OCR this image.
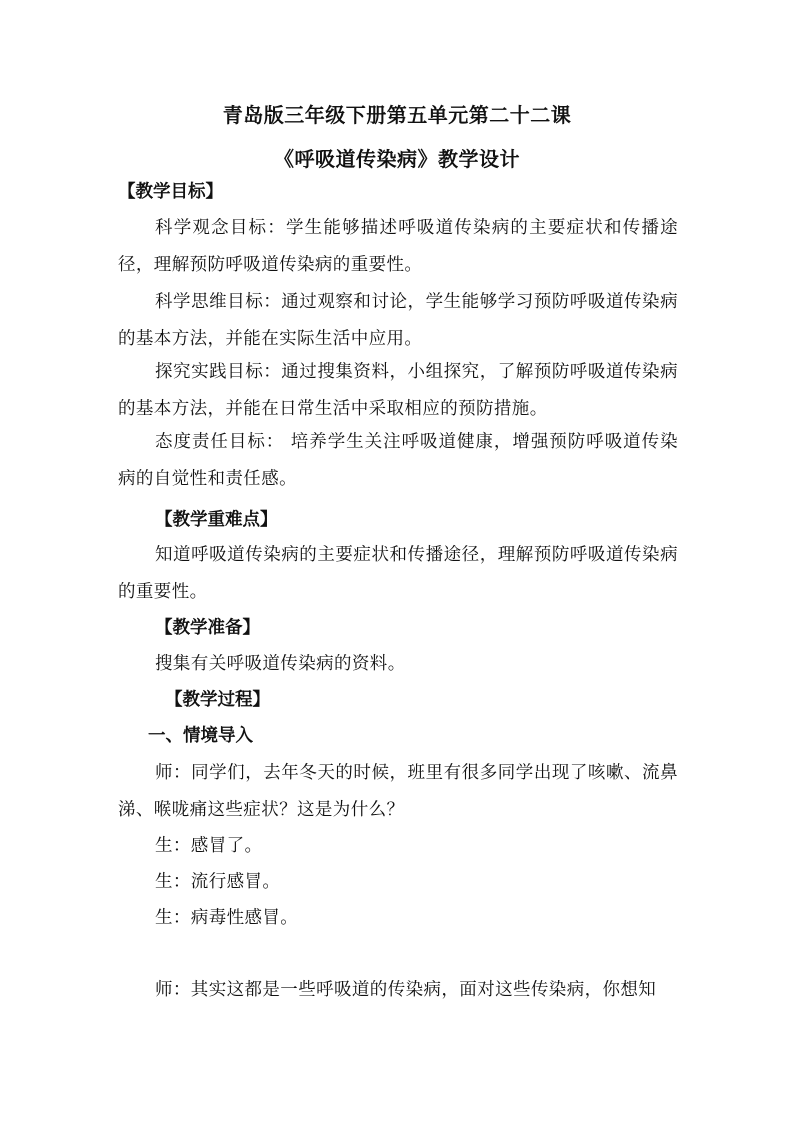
青岛版三年级下册第五单元第二十二课
《呼吸道传染病》教学设计
【教学目标】
科学观念目标：学生能够描述呼吸道传染病的主要症状和传播途径，理解预防呼吸道传染病的重要性。
科学思维目标：通过观察和讨论，学生能够学习预防呼吸道传染病的基本方法，并能在实际生活中应用。
探究实践目标：通过搜集资料，小组探究，了解预防呼吸道传染病的基本方法，并能在日常生活中采取相应的预防措施。
态度责任目标： 培养学生关注呼吸道健康，增强预防呼吸道传染病的自觉性和责任感。
【教学重难点】
知道呼吸道传染病的主要症状和传播途径，理解预防呼吸道传染病的重要性。
【教学准备】
搜集有关呼吸道传染病的资料。
【教学过程】
一、情境导入
师：同学们，去年冬天的时候，班里有很多同学出现了咳嗽、流鼻涕、喉咙痛这些症状？这是为什么？
生：感冒了。
生：流行感冒。
生：病毒性感冒。
师：其实这都是一些呼吸道的传染病，面对这些传染病，你想知
